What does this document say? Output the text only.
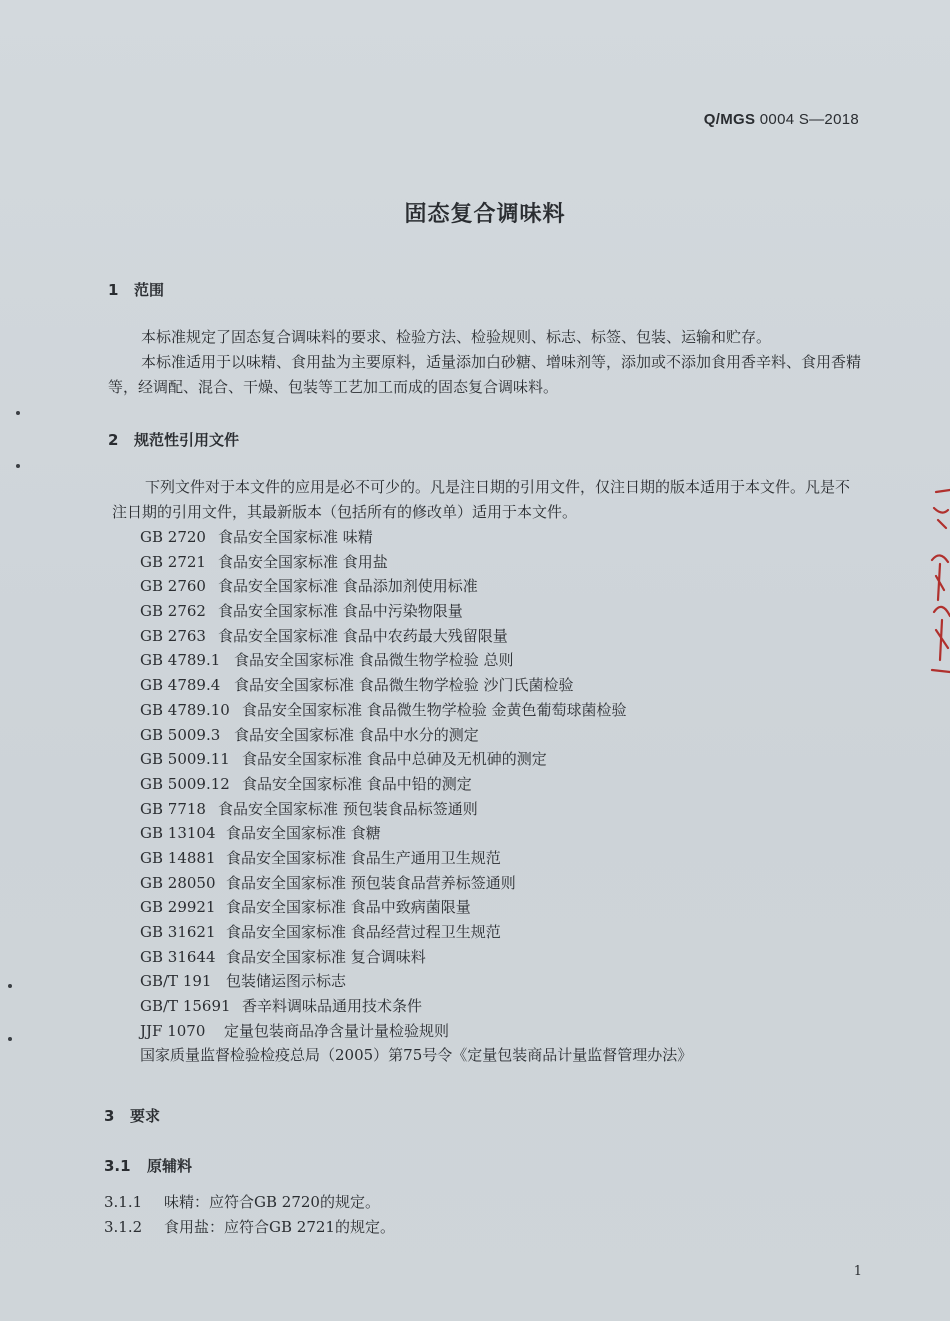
Q/MGS 0004 S—2018
固态复合调味料
1 范围
本标准规定了固态复合调味料的要求、检验方法、检验规则、标志、标签、包装、运输和贮存。
本标准适用于以味精、食用盐为主要原料，适量添加白砂糖、增味剂等，添加或不添加食用香辛料、食用香精等，经调配、混合、干燥、包装等工艺加工而成的固态复合调味料。
2 规范性引用文件
下列文件对于本文件的应用是必不可少的。凡是注日期的引用文件，仅注日期的版本适用于本文件。凡是不注日期的引用文件，其最新版本（包括所有的修改单）适用于本文件。
GB 2720 食品安全国家标准 味精
GB 2721 食品安全国家标准 食用盐
GB 2760 食品安全国家标准 食品添加剂使用标准
GB 2762 食品安全国家标准 食品中污染物限量
GB 2763 食品安全国家标准 食品中农药最大残留限量
GB 4789.1 食品安全国家标准 食品微生物学检验 总则
GB 4789.4 食品安全国家标准 食品微生物学检验 沙门氏菌检验
GB 4789.10 食品安全国家标准 食品微生物学检验 金黄色葡萄球菌检验
GB 5009.3 食品安全国家标准 食品中水分的测定
GB 5009.11 食品安全国家标准 食品中总砷及无机砷的测定
GB 5009.12 食品安全国家标准 食品中铅的测定
GB 7718 食品安全国家标准 预包装食品标签通则
GB 13104 食品安全国家标准 食糖
GB 14881 食品安全国家标准 食品生产通用卫生规范
GB 28050 食品安全国家标准 预包装食品营养标签通则
GB 29921 食品安全国家标准 食品中致病菌限量
GB 31621 食品安全国家标准 食品经营过程卫生规范
GB 31644 食品安全国家标准 复合调味料
GB/T 191 包装储运图示标志
GB/T 15691 香辛料调味品通用技术条件
JJF 1070 定量包装商品净含量计量检验规则
国家质量监督检验检疫总局（2005）第75号令《定量包装商品计量监督管理办法》
3 要求
3.1 原辅料
3.1.1 味精：应符合GB 2720的规定。
3.1.2 食用盐：应符合GB 2721的规定。
1
